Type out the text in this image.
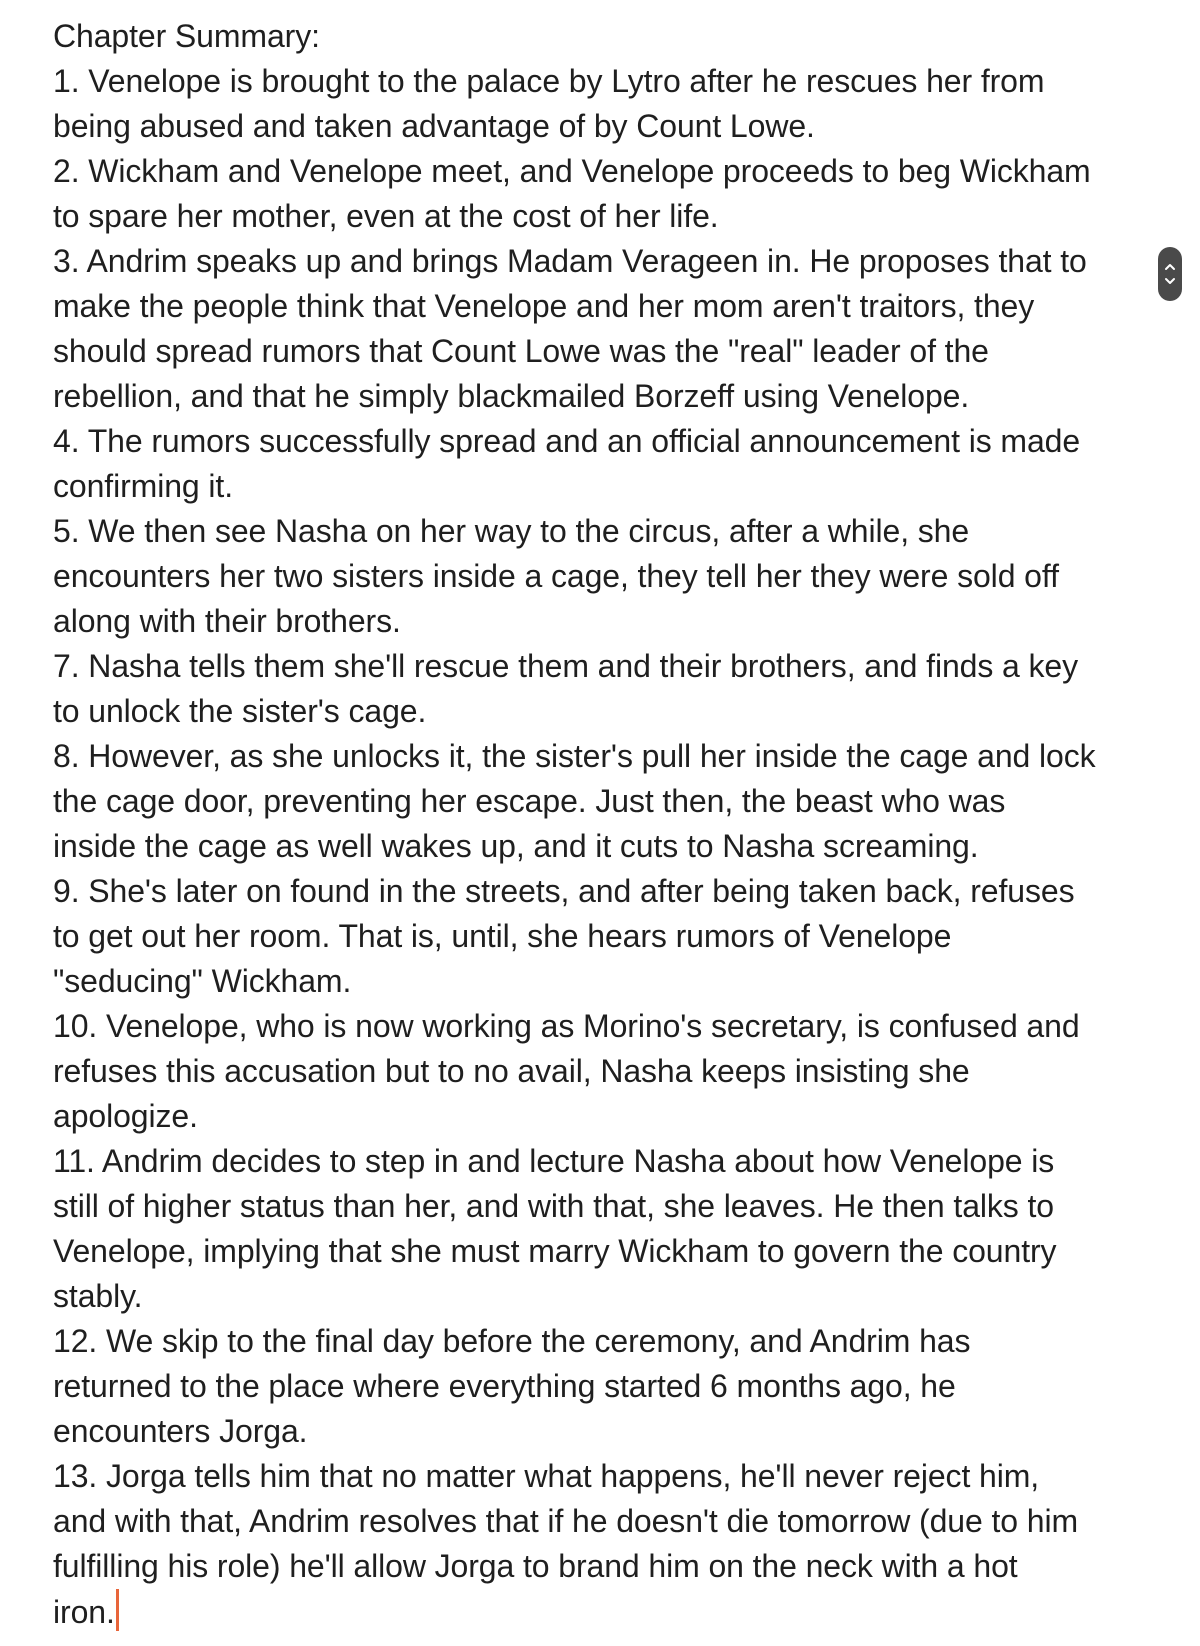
Chapter Summary:
1. Venelope is brought to the palace by Lytro after he rescues her from
being abused and taken advantage of by Count Lowe.
2. Wickham and Venelope meet, and Venelope proceeds to beg Wickham
to spare her mother, even at the cost of her life.
3. Andrim speaks up and brings Madam Verageen in. He proposes that to
make the people think that Venelope and her mom aren't traitors, they
should spread rumors that Count Lowe was the "real" leader of the
rebellion, and that he simply blackmailed Borzeff using Venelope.
4. The rumors successfully spread and an official announcement is made
confirming it.
5. We then see Nasha on her way to the circus, after a while, she
encounters her two sisters inside a cage, they tell her they were sold off
along with their brothers.
7. Nasha tells them she'll rescue them and their brothers, and finds a key
to unlock the sister's cage.
8. However, as she unlocks it, the sister's pull her inside the cage and lock
the cage door, preventing her escape. Just then, the beast who was
inside the cage as well wakes up, and it cuts to Nasha screaming.
9. She's later on found in the streets, and after being taken back, refuses
to get out her room. That is, until, she hears rumors of Venelope
"seducing" Wickham.
10. Venelope, who is now working as Morino's secretary, is confused and
refuses this accusation but to no avail, Nasha keeps insisting she
apologize.
11. Andrim decides to step in and lecture Nasha about how Venelope is
still of higher status than her, and with that, she leaves. He then talks to
Venelope, implying that she must marry Wickham to govern the country
stably.
12. We skip to the final day before the ceremony, and Andrim has
returned to the place where everything started 6 months ago, he
encounters Jorga.
13. Jorga tells him that no matter what happens, he'll never reject him,
and with that, Andrim resolves that if he doesn't die tomorrow (due to him
fulfilling his role) he'll allow Jorga to brand him on the neck with a hot
iron.
